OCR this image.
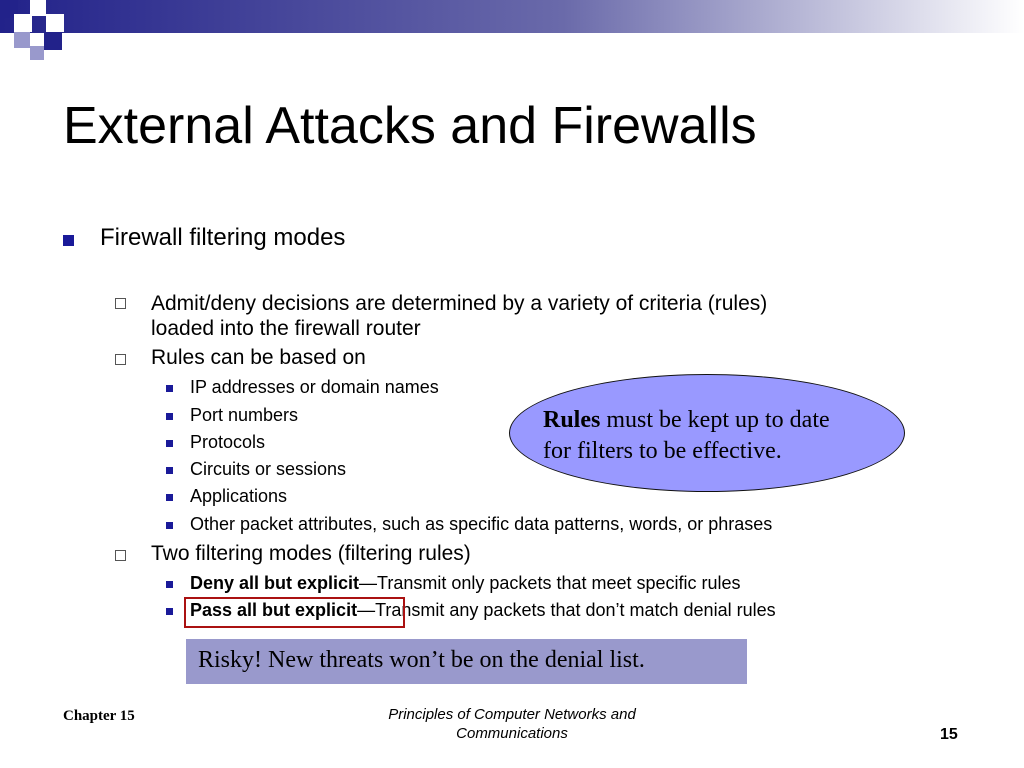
External Attacks and Firewalls
Firewall filtering modes
Admit/deny decisions are determined by a variety of criteria (rules)
loaded into the firewall router
Rules can be based on
IP addresses or domain names
Port numbers
Protocols
Circuits or sessions
Applications
Other packet attributes, such as specific data patterns, words, or phrases
Two filtering modes (filtering rules)
Deny all but explicit—Transmit only packets that meet specific rules
Pass all but explicit—Transmit any packets that don’t match denial rules
Rules must be kept up to date
for filters to be effective.
Risky! New threats won’t be on the denial list.
Chapter 15	Principles of Computer Networks and
Communications	15
